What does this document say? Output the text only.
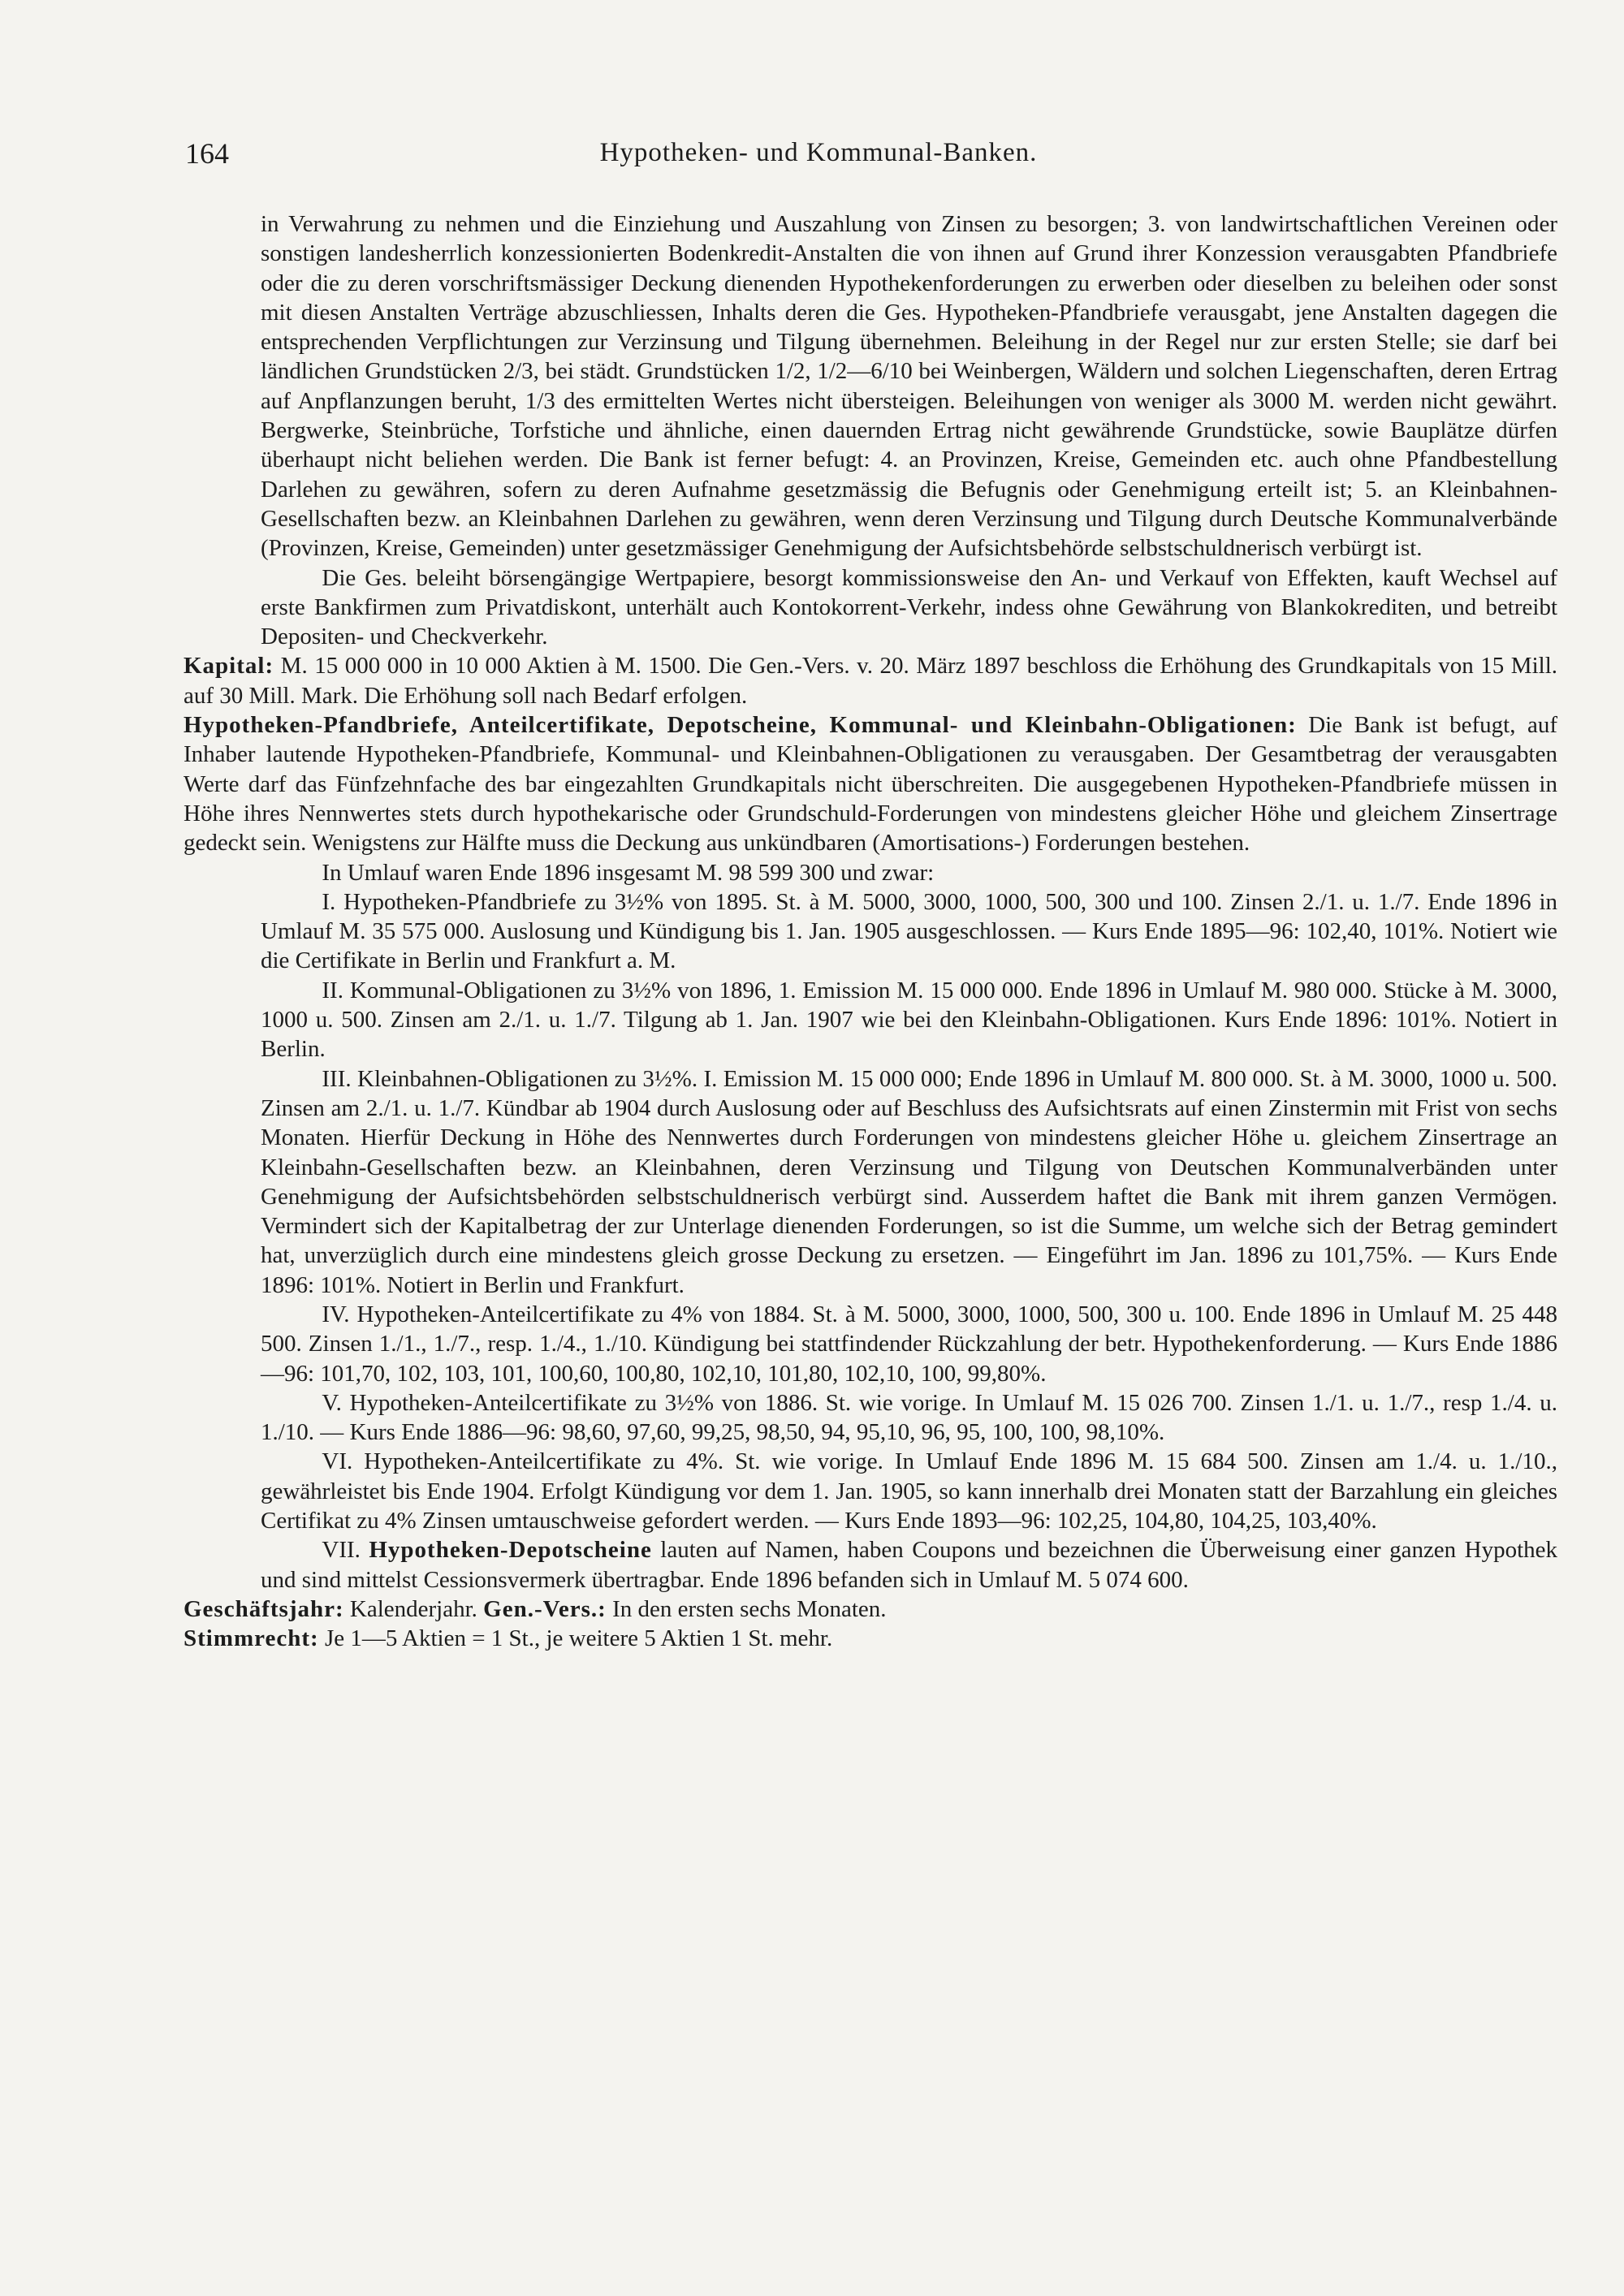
164	Hypotheken- und Kommunal-Banken.

in Verwahrung zu nehmen und die Einziehung und Auszahlung von Zinsen zu besorgen; 3. von landwirtschaftlichen Vereinen oder sonstigen landesherrlich konzessionierten Bodenkredit-Anstalten die von ihnen auf Grund ihrer Konzession verausgabten Pfandbriefe oder die zu deren vorschriftsmässiger Deckung dienenden Hypothekenforderungen zu erwerben oder dieselben zu beleihen oder sonst mit diesen Anstalten Verträge abzuschliessen, Inhalts deren die Ges. Hypotheken-Pfandbriefe verausgabt, jene Anstalten dagegen die entsprechenden Verpflichtungen zur Verzinsung und Tilgung übernehmen. Beleihung in der Regel nur zur ersten Stelle; sie darf bei ländlichen Grundstücken 2/3, bei städt. Grundstücken 1/2, 1/2—6/10 bei Weinbergen, Wäldern und solchen Liegenschaften, deren Ertrag auf Anpflanzungen beruht, 1/3 des ermittelten Wertes nicht übersteigen. Beleihungen von weniger als 3000 M. werden nicht gewährt. Bergwerke, Steinbrüche, Torfstiche und ähnliche, einen dauernden Ertrag nicht gewährende Grundstücke, sowie Bauplätze dürfen überhaupt nicht beliehen werden. Die Bank ist ferner befugt: 4. an Provinzen, Kreise, Gemeinden etc. auch ohne Pfandbestellung Darlehen zu gewähren, sofern zu deren Aufnahme gesetzmässig die Befugnis oder Genehmigung erteilt ist; 5. an Kleinbahnen-Gesellschaften bezw. an Kleinbahnen Darlehen zu gewähren, wenn deren Verzinsung und Tilgung durch Deutsche Kommunalverbände (Provinzen, Kreise, Gemeinden) unter gesetzmässiger Genehmigung der Aufsichtsbehörde selbstschuldnerisch verbürgt ist.

Die Ges. beleiht börsengängige Wertpapiere, besorgt kommissionsweise den An- und Verkauf von Effekten, kauft Wechsel auf erste Bankfirmen zum Privatdiskont, unterhält auch Kontokorrent-Verkehr, indess ohne Gewährung von Blankokrediten, und betreibt Depositen- und Checkverkehr.

Kapital: M. 15 000 000 in 10 000 Aktien à M. 1500. Die Gen.-Vers. v. 20. März 1897 beschloss die Erhöhung des Grundkapitals von 15 Mill. auf 30 Mill. Mark. Die Erhöhung soll nach Bedarf erfolgen.

Hypotheken-Pfandbriefe, Anteilcertifikate, Depotscheine, Kommunal- und Kleinbahn-Obligationen: Die Bank ist befugt, auf Inhaber lautende Hypotheken-Pfandbriefe, Kommunal- und Kleinbahnen-Obligationen zu verausgaben. Der Gesamtbetrag der verausgabten Werte darf das Fünfzehnfache des bar eingezahlten Grundkapitals nicht überschreiten. Die ausgegebenen Hypotheken-Pfandbriefe müssen in Höhe ihres Nennwertes stets durch hypothekarische oder Grundschuld-Forderungen von mindestens gleicher Höhe und gleichem Zinsertrage gedeckt sein. Wenigstens zur Hälfte muss die Deckung aus unkündbaren (Amortisations-) Forderungen bestehen.

In Umlauf waren Ende 1896 insgesamt M. 98 599 300 und zwar:

I. Hypotheken-Pfandbriefe zu 3½% von 1895. St. à M. 5000, 3000, 1000, 500, 300 und 100. Zinsen 2./1. u. 1./7. Ende 1896 in Umlauf M. 35 575 000. Auslosung und Kündigung bis 1. Jan. 1905 ausgeschlossen. — Kurs Ende 1895—96: 102,40, 101%. Notiert wie die Certifikate in Berlin und Frankfurt a. M.

II. Kommunal-Obligationen zu 3½% von 1896, 1. Emission M. 15 000 000. Ende 1896 in Umlauf M. 980 000. Stücke à M. 3000, 1000 u. 500. Zinsen am 2./1. u. 1./7. Tilgung ab 1. Jan. 1907 wie bei den Kleinbahn-Obligationen. Kurs Ende 1896: 101%. Notiert in Berlin.

III. Kleinbahnen-Obligationen zu 3½%. I. Emission M. 15 000 000; Ende 1896 in Umlauf M. 800 000. St. à M. 3000, 1000 u. 500. Zinsen am 2./1. u. 1./7. Kündbar ab 1904 durch Auslosung oder auf Beschluss des Aufsichtsrats auf einen Zinstermin mit Frist von sechs Monaten. Hierfür Deckung in Höhe des Nennwertes durch Forderungen von mindestens gleicher Höhe u. gleichem Zinsertrage an Kleinbahn-Gesellschaften bezw. an Kleinbahnen, deren Verzinsung und Tilgung von Deutschen Kommunalverbänden unter Genehmigung der Aufsichtsbehörden selbstschuldnerisch verbürgt sind. Ausserdem haftet die Bank mit ihrem ganzen Vermögen. Vermindert sich der Kapitalbetrag der zur Unterlage dienenden Forderungen, so ist die Summe, um welche sich der Betrag gemindert hat, unverzüglich durch eine mindestens gleich grosse Deckung zu ersetzen. — Eingeführt im Jan. 1896 zu 101,75%. — Kurs Ende 1896: 101%. Notiert in Berlin und Frankfurt.

IV. Hypotheken-Anteilcertifikate zu 4% von 1884. St. à M. 5000, 3000, 1000, 500, 300 u. 100. Ende 1896 in Umlauf M. 25 448 500. Zinsen 1./1., 1./7., resp. 1./4., 1./10. Kündigung bei stattfindender Rückzahlung der betr. Hypothekenforderung. — Kurs Ende 1886—96: 101,70, 102, 103, 101, 100,60, 100,80, 102,10, 101,80, 102,10, 100, 99,80%.

V. Hypotheken-Anteilcertifikate zu 3½% von 1886. St. wie vorige. In Umlauf M. 15 026 700. Zinsen 1./1. u. 1./7., resp 1./4. u. 1./10. — Kurs Ende 1886—96: 98,60, 97,60, 99,25, 98,50, 94, 95,10, 96, 95, 100, 100, 98,10%.

VI. Hypotheken-Anteilcertifikate zu 4%. St. wie vorige. In Umlauf Ende 1896 M. 15 684 500. Zinsen am 1./4. u. 1./10., gewährleistet bis Ende 1904. Erfolgt Kündigung vor dem 1. Jan. 1905, so kann innerhalb drei Monaten statt der Barzahlung ein gleiches Certifikat zu 4% Zinsen umtauschweise gefordert werden. — Kurs Ende 1893—96: 102,25, 104,80, 104,25, 103,40%.

VII. Hypotheken-Depotscheine lauten auf Namen, haben Coupons und bezeichnen die Überweisung einer ganzen Hypothek und sind mittelst Cessionsvermerk übertragbar. Ende 1896 befanden sich in Umlauf M. 5 074 600.

Geschäftsjahr: Kalenderjahr. Gen.-Vers.: In den ersten sechs Monaten.

Stimmrecht: Je 1—5 Aktien = 1 St., je weitere 5 Aktien 1 St. mehr.
